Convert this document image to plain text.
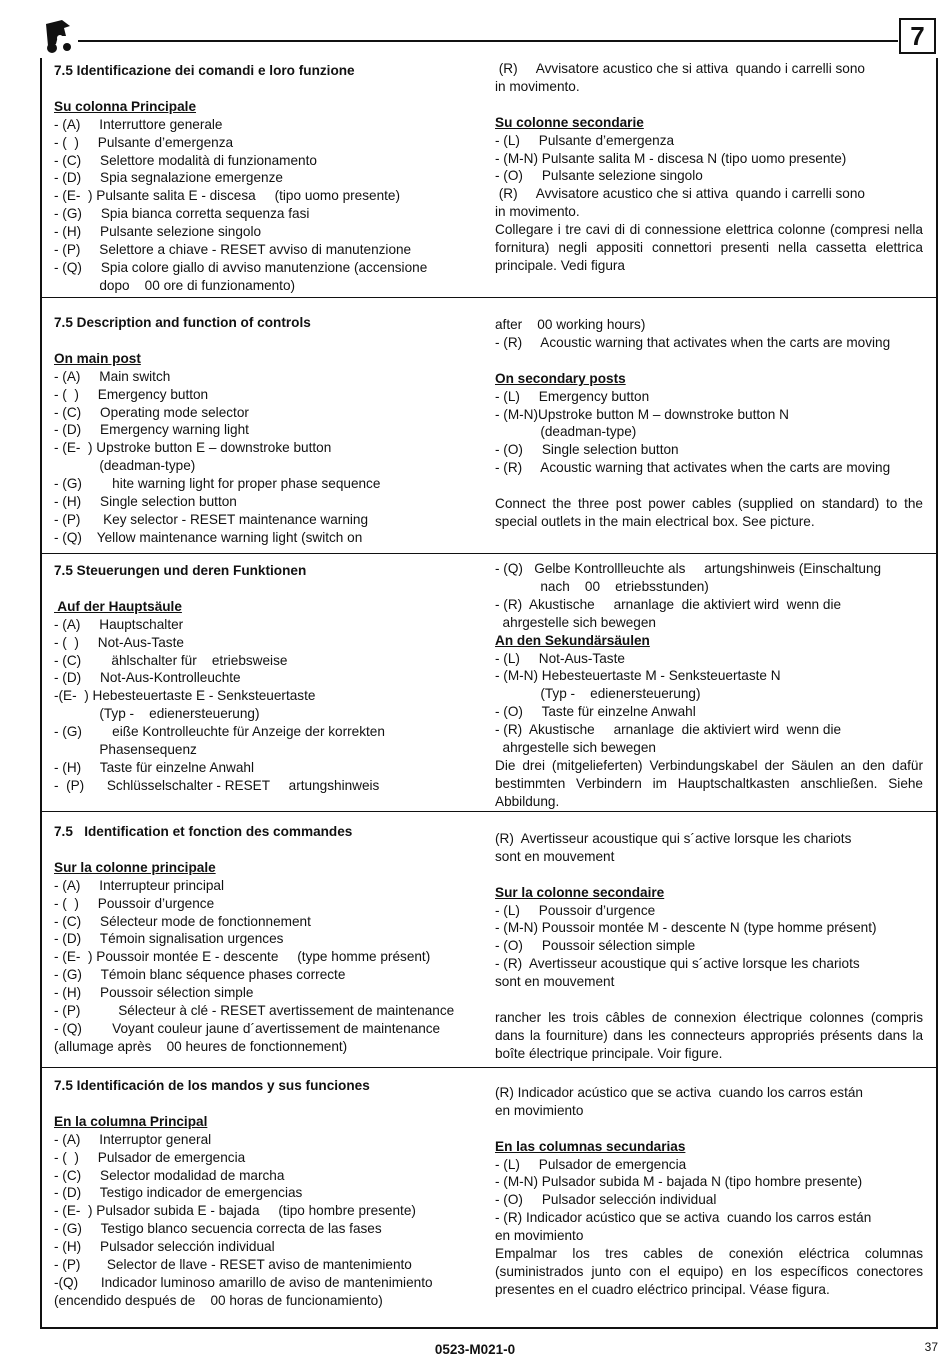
7
7.5 Identificazione dei comandi e loro funzione
Su colonna Principale
- (A)     Interruttore generale
- (  )     Pulsante d’emergenza
- (C)     Selettore modalità di funzionamento
- (D)     Spia segnalazione emergenze
- (E-  ) Pulsante salita E - discesa     (tipo uomo presente)
- (G)     Spia bianca corretta sequenza fasi
- (H)     Pulsante selezione singolo
- (P)     Selettore a chiave - RESET avviso di manutenzione
- (Q)     Spia colore giallo di avviso manutenzione (accensione
dopo    00 ore di funzionamento)
(R)     Avvisatore acustico che si attiva  quando i carrelli sono
in movimento.
Su colonne secondarie
- (L)     Pulsante d’emergenza
- (M-N) Pulsante salita M - discesa N (tipo uomo presente)
- (O)     Pulsante selezione singolo
(R)     Avvisatore acustico che si attiva  quando i carrelli sono
in movimento.
Collegare i tre cavi di di connessione elettrica colonne (compresi nella fornitura) negli appositi connettori presenti nella cassetta elettrica principale. Vedi figura
7.5 Description and function of controls
On main post
- (A)     Main switch
- (  )     Emergency button
- (C)     Operating mode selector
- (D)     Emergency warning light
- (E-  ) Upstroke button E – downstroke button
(deadman-type)
- (G)        hite warning light for proper phase sequence
- (H)     Single selection button
- (P)      Key selector - RESET maintenance warning
- (Q)    Yellow maintenance warning light (switch on
after    00 working hours)
- (R)     Acoustic warning that activates when the carts are moving
On secondary posts
- (L)     Emergency button
- (M-N)Upstroke button M – downstroke button N
(deadman-type)
- (O)     Single selection button
- (R)     Acoustic warning that activates when the carts are moving
Connect the three post power cables (supplied on standard) to the special outlets in the main electrical box. See picture.
7.5 Steuerungen und deren Funktionen
Auf der Hauptsäule
- (A)     Hauptschalter
- (  )     Not-Aus-Taste
- (C)        ählschalter für    etriebsweise
- (D)     Not-Aus-Kontrolleuchte
-(E-  ) Hebesteuertaste E - Senksteuertaste
(Typ -    edienersteuerung)
- (G)        eiße Kontrolleuchte für Anzeige der korrekten
Phasensequenz
- (H)     Taste für einzelne Anwahl
-  (P)      Schlüsselschalter - RESET     artungshinweis
- (Q)   Gelbe Kontrollleuchte als     artungshinweis (Einschaltung
nach    00    etriebsstunden)
- (R)  Akustische     arnanlage  die aktiviert wird  wenn die
ahrgestelle sich bewegen
An den Sekundärsäulen
- (L)     Not-Aus-Taste
- (M-N) Hebesteuertaste M - Senksteuertaste N
(Typ -    edienersteuerung)
- (O)     Taste für einzelne Anwahl
- (R)  Akustische     arnanlage  die aktiviert wird  wenn die
ahrgestelle sich bewegen
Die drei (mitgelieferten) Verbindungskabel der Säulen an den dafür bestimmten Verbindern im Hauptschaltkasten anschließen. Siehe Abbildung.
7.5   Identification et fonction des commandes
Sur la colonne principale
- (A)     Interrupteur principal
- (  )     Poussoir d’urgence
- (C)     Sélecteur mode de fonctionnement
- (D)     Témoin signalisation urgences
- (E-  ) Poussoir montée E - descente     (type homme présent)
- (G)     Témoin blanc séquence phases correcte
- (H)     Poussoir sélection simple
- (P)          Sélecteur à clé - RESET avertissement de maintenance
- (Q)        Voyant couleur jaune d´avertissement de maintenance
(allumage après    00 heures de fonctionnement)
(R)  Avertisseur acoustique qui s´active lorsque les chariots
sont en mouvement
Sur la colonne secondaire
- (L)     Poussoir d’urgence
- (M-N) Poussoir montée M - descente N (type homme présent)
- (O)     Poussoir sélection simple
- (R)  Avertisseur acoustique qui s´active lorsque les chariots
sont en mouvement
rancher les trois câbles de connexion électrique colonnes (compris dans la fourniture) dans les connecteurs appropriés présents dans la boîte électrique principale. Voir figure.
7.5 Identificación de los mandos y sus funciones
En la columna Principal
- (A)     Interruptor general
- (  )     Pulsador de emergencia
- (C)     Selector modalidad de marcha
- (D)     Testigo indicador de emergencias
- (E-  ) Pulsador subida E - bajada     (tipo hombre presente)
- (G)     Testigo blanco secuencia correcta de las fases
- (H)     Pulsador selección individual
- (P)       Selector de llave - RESET aviso de mantenimiento
-(Q)      Indicador luminoso amarillo de aviso de mantenimiento
(encendido después de    00 horas de funcionamiento)
(R) Indicador acústico que se activa  cuando los carros están
en movimiento
En las columnas secundarias
- (L)     Pulsador de emergencia
- (M-N) Pulsador subida M - bajada N (tipo hombre presente)
- (O)     Pulsador selección individual
- (R) Indicador acústico que se activa  cuando los carros están
en movimiento
Empalmar los tres cables de conexión eléctrica columnas (suministrados junto con el equipo) en los específicos conectores presentes en el cuadro eléctrico principal. Véase figura.
0523-M021-0	37
